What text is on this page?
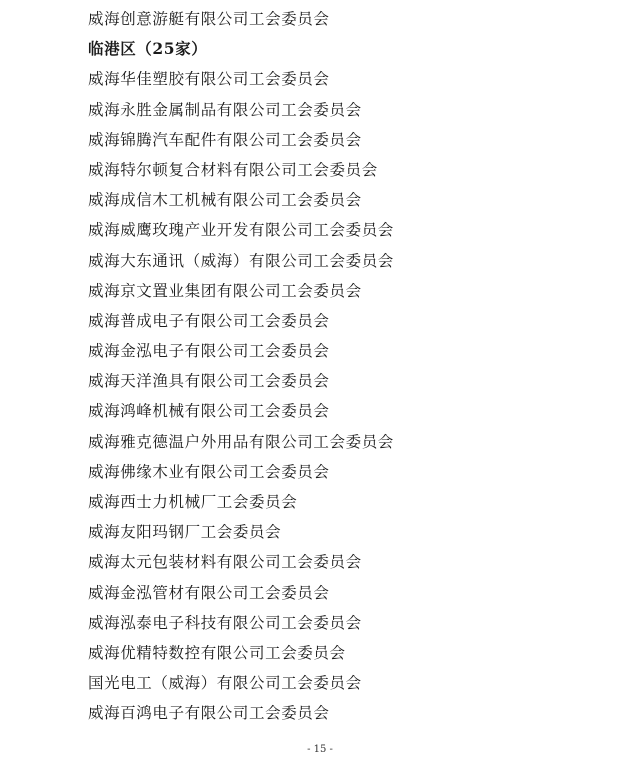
威海创意游艇有限公司工会委员会
临港区（25家）
威海华佳塑胶有限公司工会委员会
威海永胜金属制品有限公司工会委员会
威海锦腾汽车配件有限公司工会委员会
威海特尔顿复合材料有限公司工会委员会
威海成信木工机械有限公司工会委员会
威海威鹰玫瑰产业开发有限公司工会委员会
威海大东通讯（威海）有限公司工会委员会
威海京文置业集团有限公司工会委员会
威海普成电子有限公司工会委员会
威海金泓电子有限公司工会委员会
威海天洋渔具有限公司工会委员会
威海鸿峰机械有限公司工会委员会
威海雅克德温户外用品有限公司工会委员会
威海佛缘木业有限公司工会委员会
威海西士力机械厂工会委员会
威海友阳玛钢厂工会委员会
威海太元包装材料有限公司工会委员会
威海金泓管材有限公司工会委员会
威海泓泰电子科技有限公司工会委员会
威海优精特数控有限公司工会委员会
国光电工（威海）有限公司工会委员会
威海百鸿电子有限公司工会委员会
- 15 -
